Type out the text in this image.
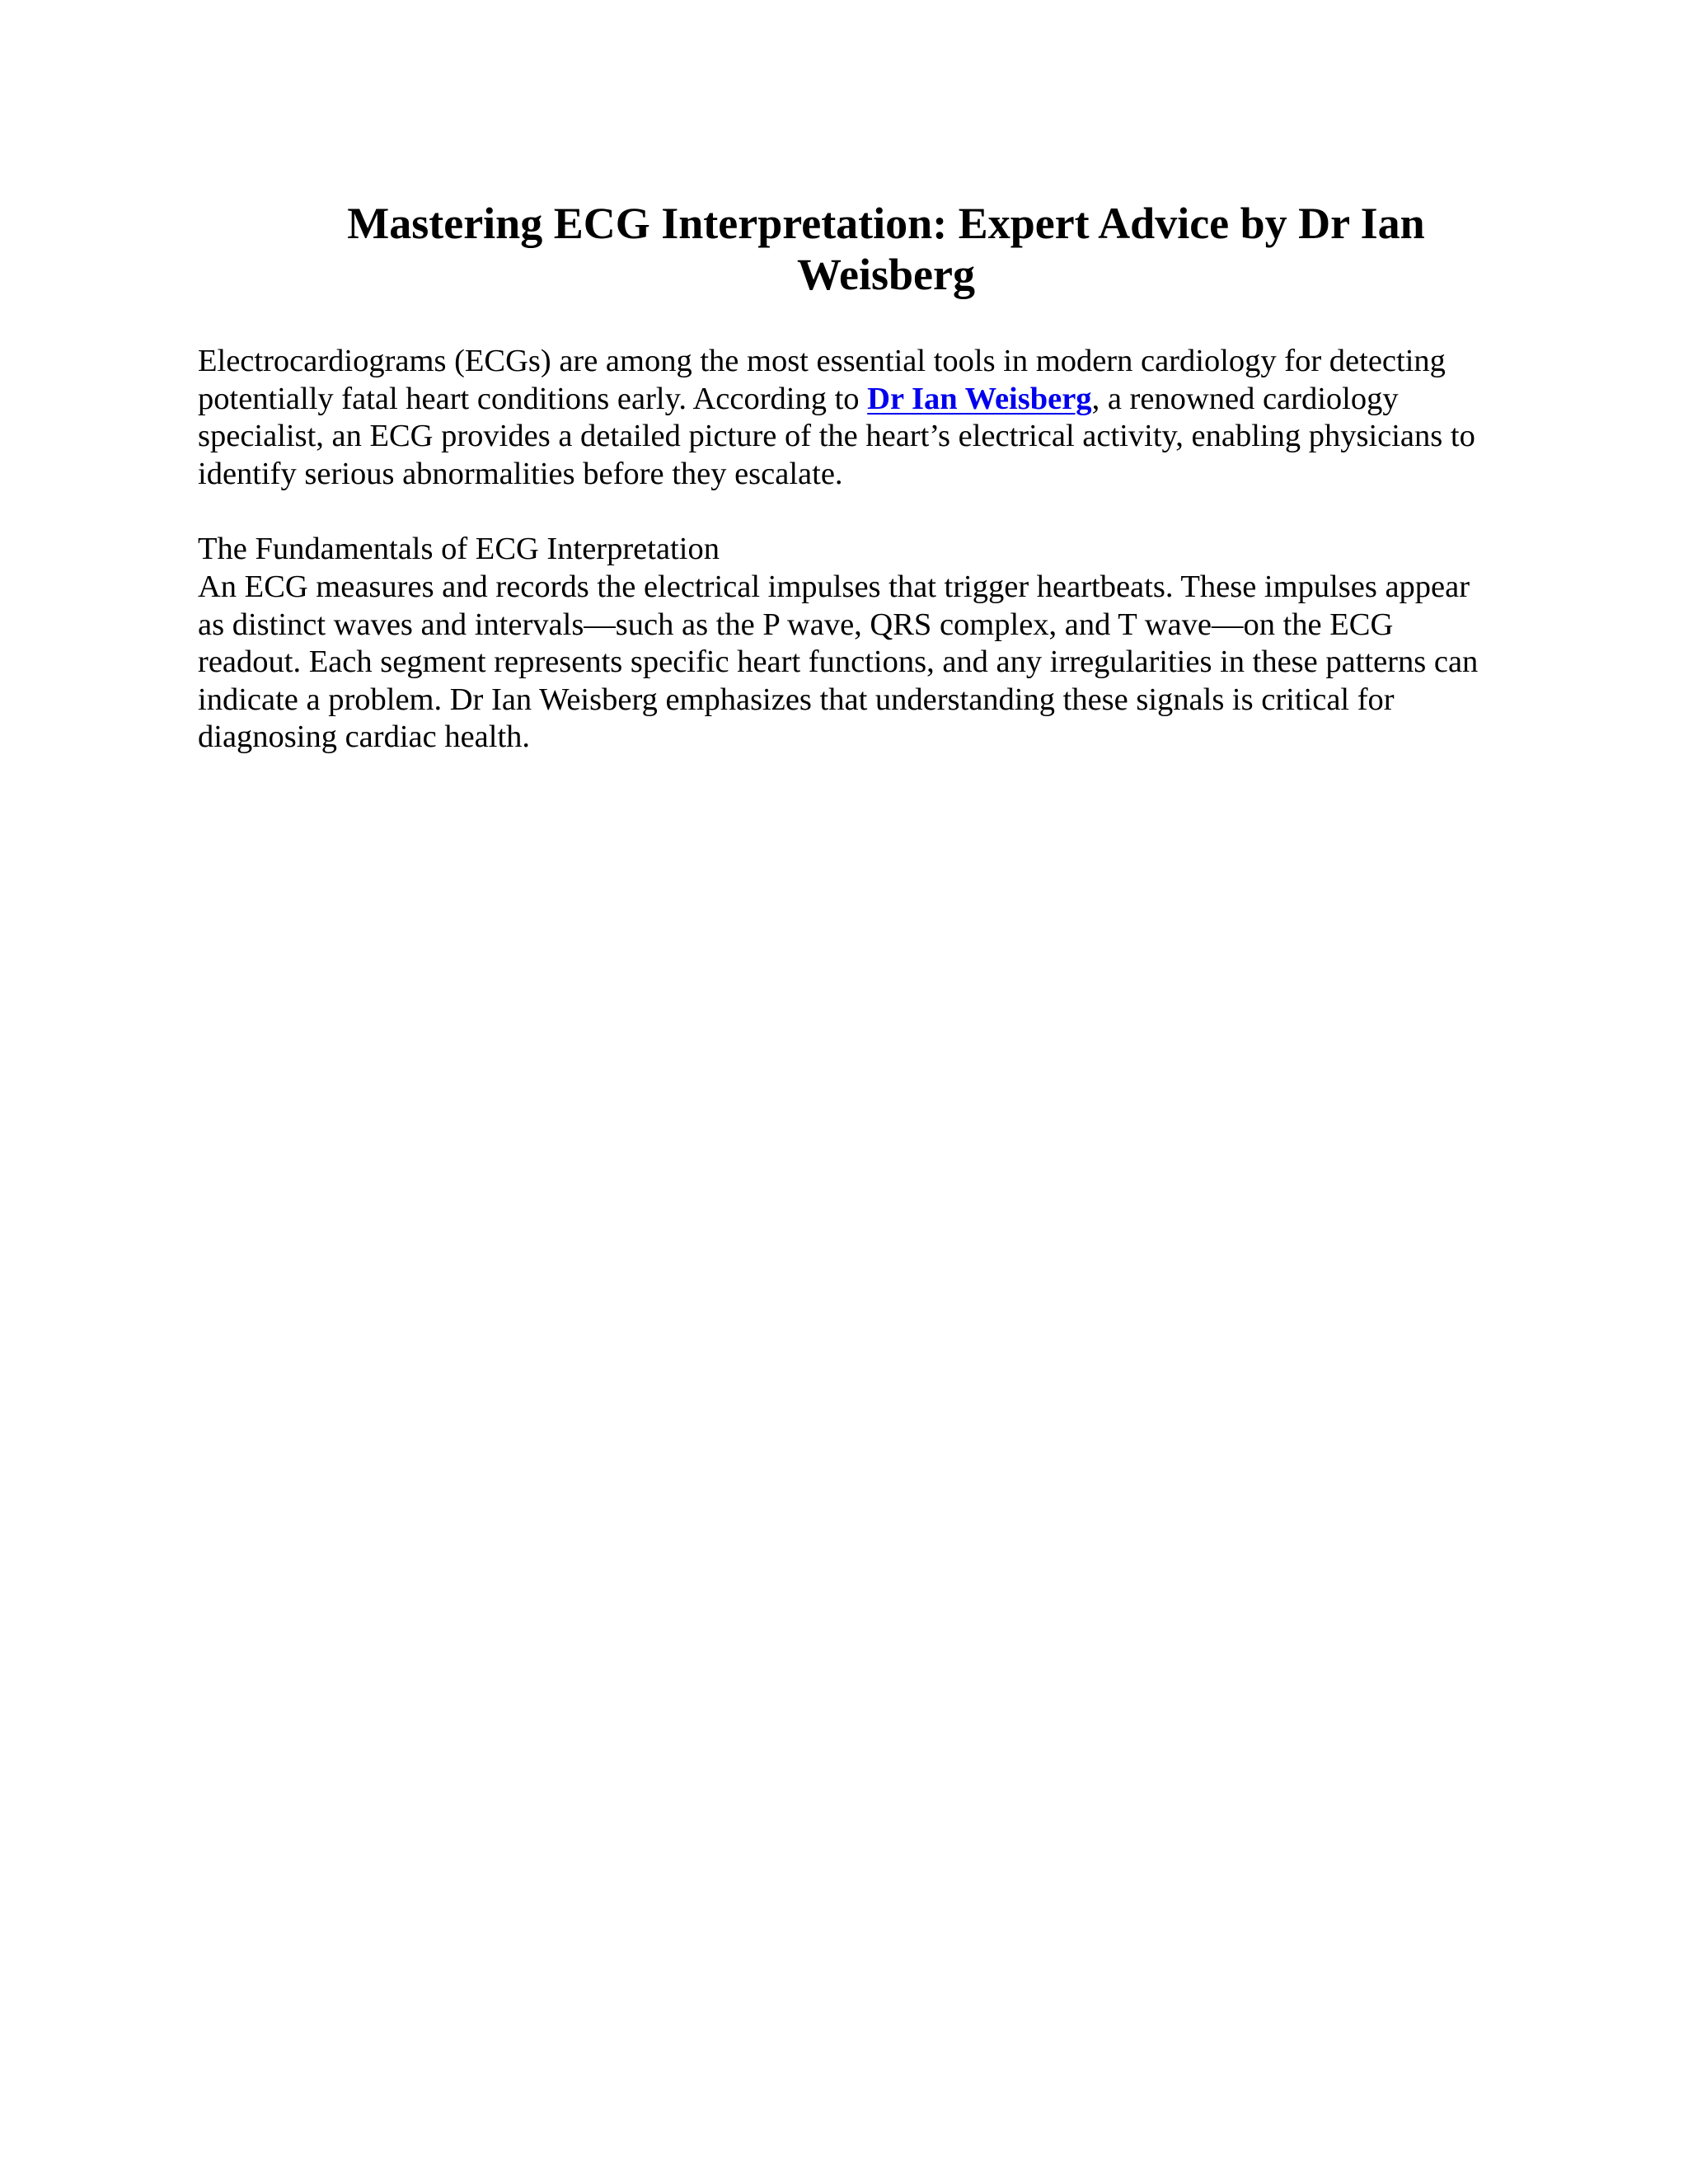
Mastering ECG Interpretation: Expert Advice by Dr Ian Weisberg

Electrocardiograms (ECGs) are among the most essential tools in modern cardiology for detecting potentially fatal heart conditions early. According to Dr Ian Weisberg, a renowned cardiology specialist, an ECG provides a detailed picture of the heart’s electrical activity, enabling physicians to identify serious abnormalities before they escalate.

The Fundamentals of ECG Interpretation

An ECG measures and records the electrical impulses that trigger heartbeats. These impulses appear as distinct waves and intervals—such as the P wave, QRS complex, and T wave—on the ECG readout. Each segment represents specific heart functions, and any irregularities in these patterns can indicate a problem. Dr Ian Weisberg emphasizes that understanding these signals is critical for diagnosing cardiac health.
